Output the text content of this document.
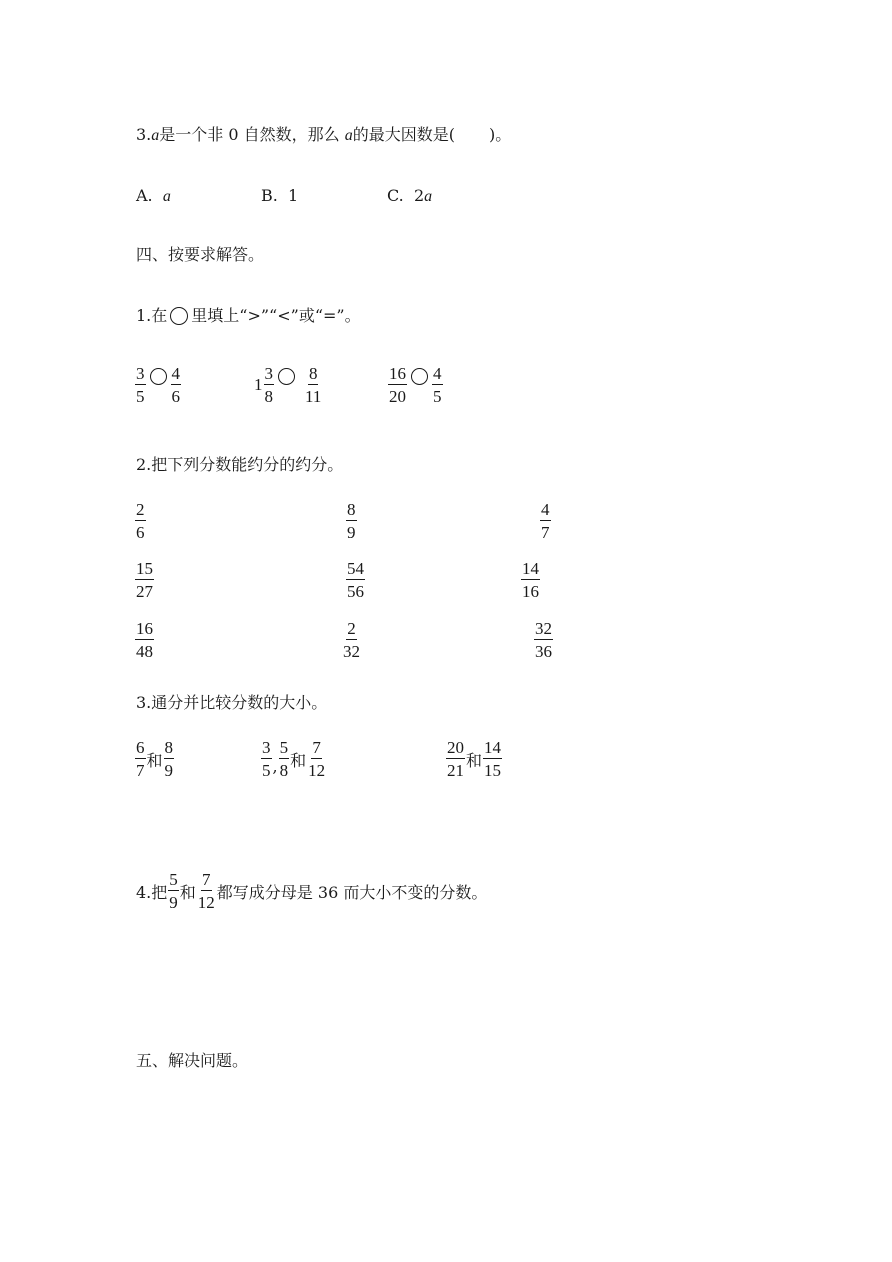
3.a是一个非 0 自然数，那么 a的最大因数是( )。
A. a	B. 1	C. 2a
四、按要求解答。
1.在 里填上“>”“<”或“=”。
$\frac{3}{5} \frac{4}{6}$	$1 \frac{3}{8} \frac{8}{11}$	$\frac{16}{20} \frac{4}{5}$
2.把下列分数能约分的约分。
$\frac{2}{6}$	$\frac{8}{9}$	$\frac{4}{7}$
$\frac{15}{27}$	$\frac{54}{56}$	$\frac{14}{16}$
$\frac{16}{48}$	$\frac{2}{32}$	$\frac{32}{36}$
3.通分并比较分数的大小。
$\frac{6}{7}$ 和 $\frac{8}{9}$	$\frac{3}{5}$ , $\frac{5}{8}$ 和 $\frac{7}{12}$	$\frac{20}{21}$ 和 $\frac{14}{15}$
4.把 $\frac{5}{9}$ 和 $\frac{7}{12}$ 都写成分母是 36 而大小不变的分数。
五、解决问题。
